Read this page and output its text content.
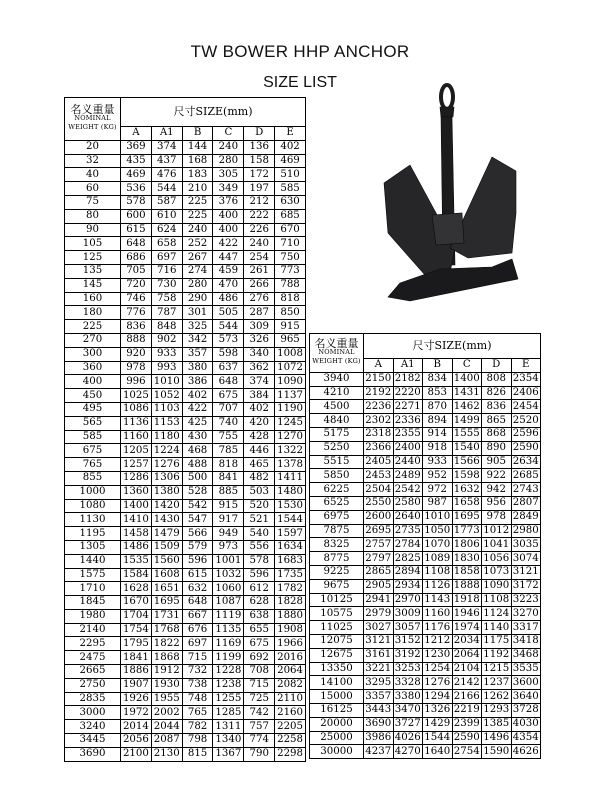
TW BOWER HHP ANCHOR
SIZE LIST
名义重量
NOMINAL
WEIGHT (KG)	尺寸SIZE(mm)					
	A	A1	B	C	D	E
20	369	374	144	240	136	402
32	435	437	168	280	158	469
40	469	476	183	305	172	510
60	536	544	210	349	197	585
75	578	587	225	376	212	630
80	600	610	225	400	222	685
90	615	624	240	400	226	670
105	648	658	252	422	240	710
125	686	697	267	447	254	750
135	705	716	274	459	261	773
145	720	730	280	470	266	788
160	746	758	290	486	276	818
180	776	787	301	505	287	850
225	836	848	325	544	309	915
270	888	902	342	573	326	965
300	920	933	357	598	340	1008
360	978	993	380	637	362	1072
400	996	1010	386	648	374	1090
450	1025	1052	402	675	384	1137
495	1086	1103	422	707	402	1190
565	1136	1153	425	740	420	1245
585	1160	1180	430	755	428	1270
675	1205	1224	468	785	446	1322
765	1257	1276	488	818	465	1378
855	1286	1306	500	841	482	1411
1000	1360	1380	528	885	503	1480
1080	1400	1420	542	915	520	1530
1130	1410	1430	547	917	521	1544
1195	1458	1479	566	949	540	1597
1305	1486	1509	579	973	556	1634
1440	1535	1560	596	1001	578	1683
1575	1584	1608	615	1032	596	1735
1710	1628	1651	632	1060	612	1782
1845	1670	1695	648	1087	628	1828
1980	1704	1731	667	1119	638	1880
2140	1754	1768	676	1135	655	1908
2295	1795	1822	697	1169	675	1966
2475	1841	1868	715	1199	692	2016
2665	1886	1912	732	1228	708	2064
2750	1907	1930	738	1238	715	2082
2835	1926	1955	748	1255	725	2110
3000	1972	2002	765	1285	742	2160
3240	2014	2044	782	1311	757	2205
3445	2056	2087	798	1340	774	2258
3690	2100	2130	815	1367	790	2298
名义重量
NOMINAL
WEIGHT (KG)	尺寸SIZE(mm)					
	A	A1	B	C	D	E
3940	2150	2182	834	1400	808	2354
4210	2192	2220	853	1431	826	2406
4500	2236	2271	870	1462	836	2454
4840	2302	2336	894	1499	865	2520
5175	2318	2355	914	1555	868	2596
5250	2366	2400	918	1540	890	2590
5515	2405	2440	933	1566	905	2634
5850	2453	2489	952	1598	922	2685
6225	2504	2542	972	1632	942	2743
6525	2550	2580	987	1658	956	2807
6975	2600	2640	1010	1695	978	2849
7875	2695	2735	1050	1773	1012	2980
8325	2757	2784	1070	1806	1041	3035
8775	2797	2825	1089	1830	1056	3074
9225	2865	2894	1108	1858	1073	3121
9675	2905	2934	1126	1888	1090	3172
10125	2941	2970	1143	1918	1108	3223
10575	2979	3009	1160	1946	1124	3270
11025	3027	3057	1176	1974	1140	3317
12075	3121	3152	1212	2034	1175	3418
12675	3161	3192	1230	2064	1192	3468
13350	3221	3253	1254	2104	1215	3535
14100	3295	3328	1276	2142	1237	3600
15000	3357	3380	1294	2166	1262	3640
16125	3443	3470	1326	2219	1293	3728
20000	3690	3727	1429	2399	1385	4030
25000	3986	4026	1544	2590	1496	4354
30000	4237	4270	1640	2754	1590	4626
